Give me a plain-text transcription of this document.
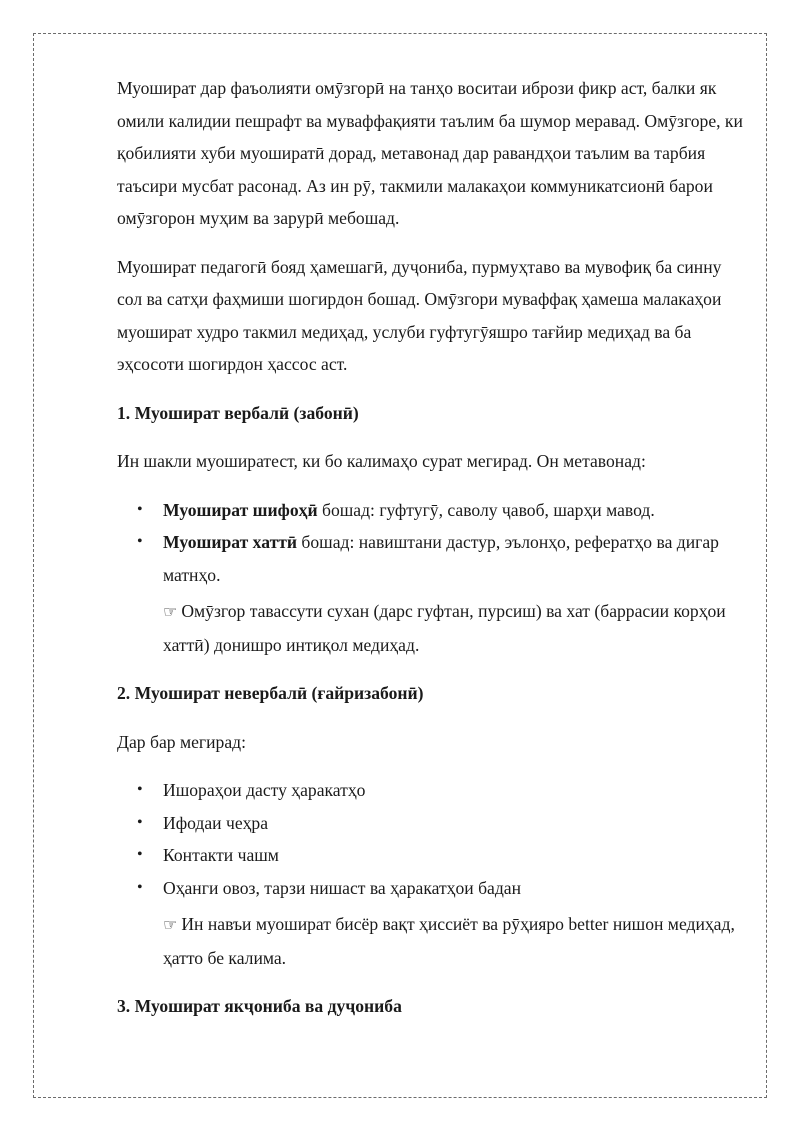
Муошират дар фаъолияти омӯзгорӣ на танҳо воситаи ибрози фикр аст, балки як омили калидии пешрафт ва муваффақияти таълим ба шумор меравад. Омӯзгоре, ки қобилияти хуби муоширатӣ дорад, метавонад дар равандҳои таълим ва тарбия таъсири мусбат расонад. Аз ин рӯ, такмили малакаҳои коммуникатсионӣ барои омӯзгорон муҳим ва зарурӣ мебошад.

Муошират педагогӣ бояд ҳамешагӣ, дуҷониба, пурмуҳтаво ва мувофиқ ба синну сол ва сатҳи фаҳмиши шогирдон бошад. Омӯзгори муваффақ ҳамеша малакаҳои муошират худро такмил медиҳад, услуби гуфтугӯяшро тағйир медиҳад ва ба эҳсосоти шогирдон ҳассос аст.

1. Муошират вербалӣ (забонӣ)

Ин шакли муоширатест, ки бо калимаҳо сурат мегирад. Он метавонад:

• Муошират шифоҳӣ бошад: гуфтугӯ, саволу ҷавоб, шарҳи мавод.
• Муошират хаттӣ бошад: навиштани дастур, эълонҳо, рефератҳо ва дигар матнҳо.

☞ Омӯзгор тавассути сухан (дарс гуфтан, пурсиш) ва хат (баррасии корҳои хаттӣ) донишро интиқол медиҳад.

2. Муошират невербалӣ (ғайризабонӣ)

Дар бар мегирад:

• Ишораҳои дасту ҳаракатҳо
• Ифодаи чеҳра
• Контакти чашм
• Оҳанги овоз, тарзи нишаст ва ҳаракатҳои бадан

☞ Ин навъи муошират бисёр вақт ҳиссиёт ва рӯҳияро better нишон медиҳад, ҳатто бе калима.

3. Муошират якҷониба ва дуҷониба
